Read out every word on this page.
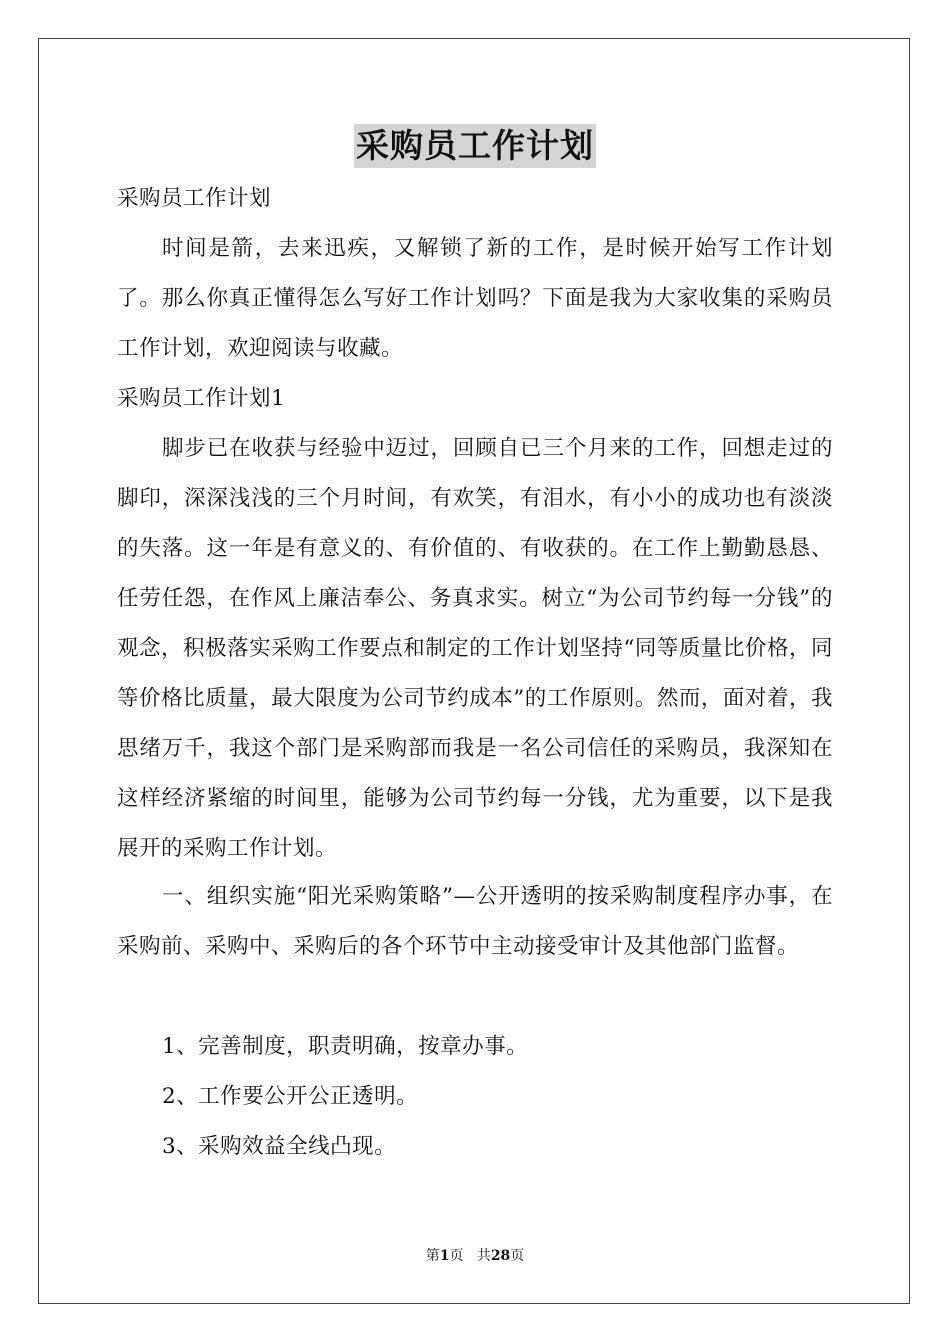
采购员工作计划

采购员工作计划

时间是箭，去来迅疾，又解锁了新的工作，是时候开始写工作计划了。那么你真正懂得怎么写好工作计划吗？下面是我为大家收集的采购员工作计划，欢迎阅读与收藏。

采购员工作计划1

脚步已在收获与经验中迈过，回顾自已三个月来的工作，回想走过的脚印，深深浅浅的三个月时间，有欢笑，有泪水，有小小的成功也有淡淡的失落。这一年是有意义的、有价值的、有收获的。在工作上勤勤恳恳、任劳任怨，在作风上廉洁奉公、务真求实。树立“为公司节约每一分钱”的观念，积极落实采购工作要点和制定的工作计划坚持“同等质量比价格，同等价格比质量，最大限度为公司节约成本”的工作原则。然而，面对着，我思绪万千，我这个部门是采购部而我是一名公司信任的采购员，我深知在这样经济紧缩的时间里，能够为公司节约每一分钱，尤为重要，以下是我展开的采购工作计划。

一、组织实施“阳光采购策略”—公开透明的按采购制度程序办事，在采购前、采购中、采购后的各个环节中主动接受审计及其他部门监督。

1、完善制度，职责明确，按章办事。

2、工作要公开公正透明。

3、采购效益全线凸现。

第1页 共28页
